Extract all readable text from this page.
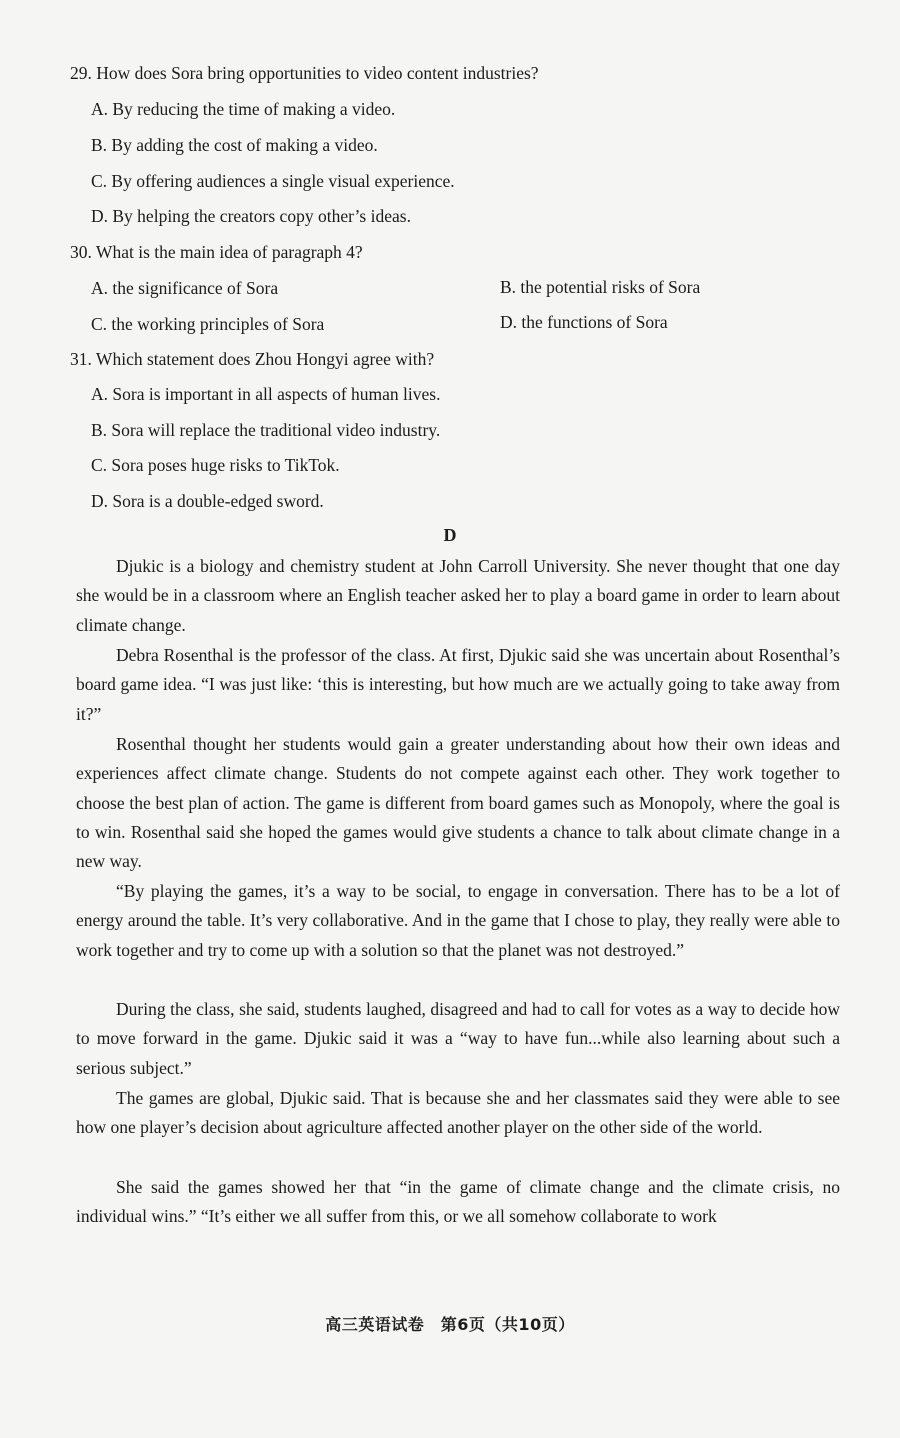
29. How does Sora bring opportunities to video content industries?
A. By reducing the time of making a video.
B. By adding the cost of making a video.
C. By offering audiences a single visual experience.
D. By helping the creators copy other’s ideas.
30. What is the main idea of paragraph 4?
A. the significance of Sora	B. the potential risks of Sora
C. the working principles of Sora	D. the functions of Sora
31. Which statement does Zhou Hongyi agree with?
A. Sora is important in all aspects of human lives.
B. Sora will replace the traditional video industry.
C. Sora poses huge risks to TikTok.
D. Sora is a double-edged sword.
D
Djukic is a biology and chemistry student at John Carroll University. She never thought that one day she would be in a classroom where an English teacher asked her to play a board game in order to learn about climate change.
Debra Rosenthal is the professor of the class. At first, Djukic said she was uncertain about Rosenthal’s board game idea. “I was just like: ‘this is interesting, but how much are we actually going to take away from it?”
Rosenthal thought her students would gain a greater understanding about how their own ideas and experiences affect climate change. Students do not compete against each other. They work together to choose the best plan of action. The game is different from board games such as Monopoly, where the goal is to win. Rosenthal said she hoped the games would give students a chance to talk about climate change in a new way.
“By playing the games, it’s a way to be social, to engage in conversation. There has to be a lot of energy around the table. It’s very collaborative. And in the game that I chose to play, they really were able to work together and try to come up with a solution so that the planet was not destroyed.”
During the class, she said, students laughed, disagreed and had to call for votes as a way to decide how to move forward in the game. Djukic said it was a “way to have fun...while also learning about such a serious subject.”
The games are global, Djukic said. That is because she and her classmates said they were able to see how one player’s decision about agriculture affected another player on the other side of the world.
She said the games showed her that “in the game of climate change and the climate crisis, no individual wins.” “It’s either we all suffer from this, or we all somehow collaborate to work
高三英语试卷　第6页（共10页）
